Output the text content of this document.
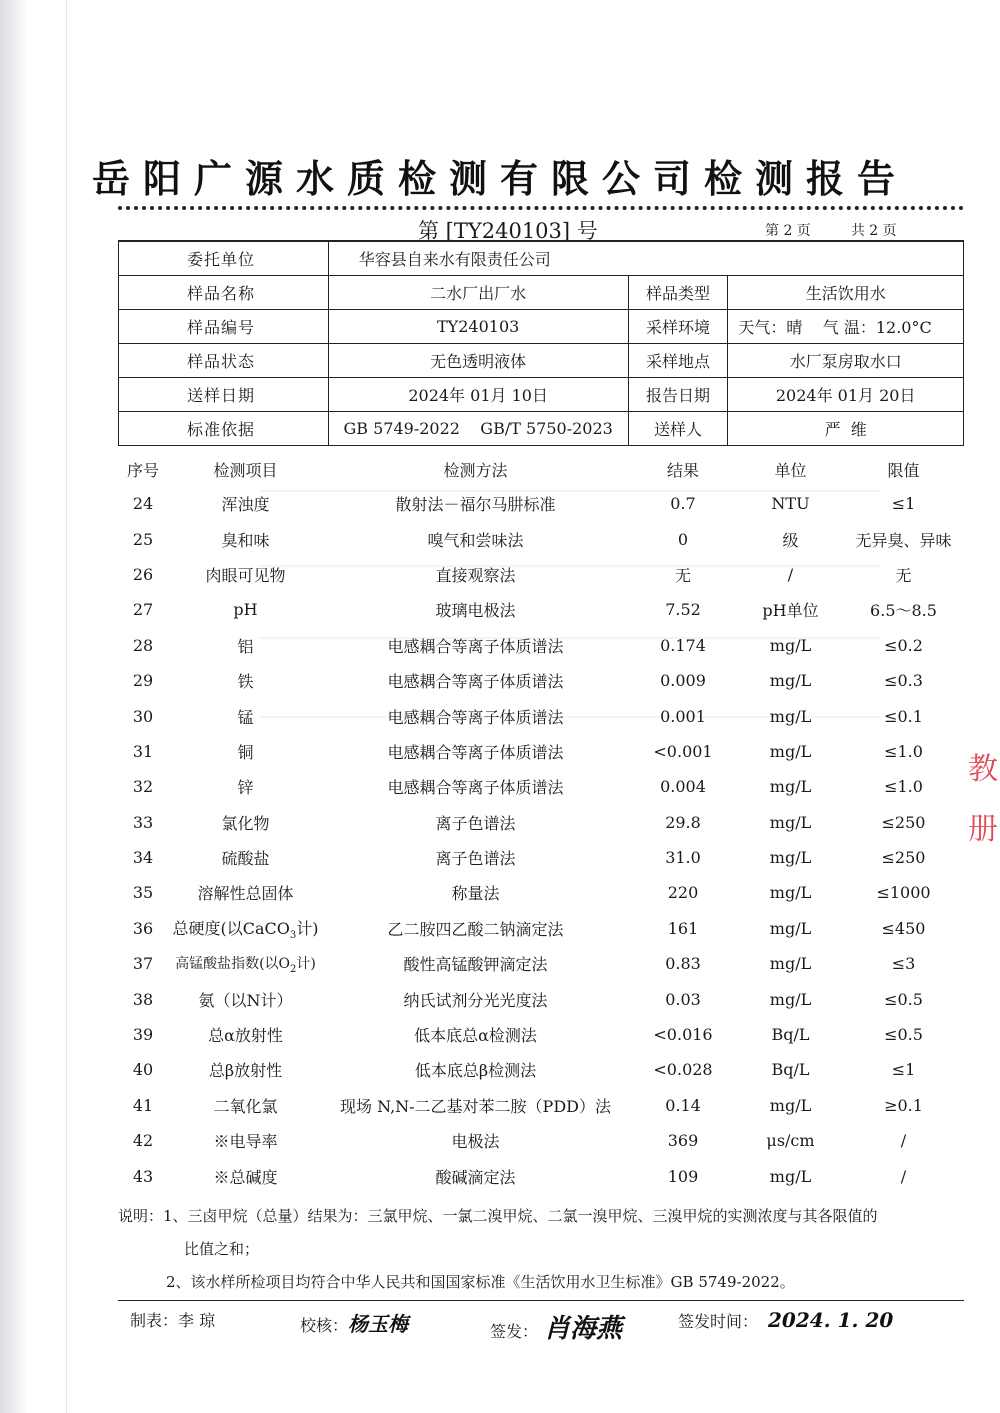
岳阳广源水质检测有限公司检测报告
第 [TY240103] 号	第 2 页	共 2 页
委托单位	华容县自来水有限责任公司		
样品名称	二水厂出厂水	样品类型	生活饮用水
样品编号	TY240103	采样环境	天气：晴 气 温：12.0°C
样品状态	无色透明液体	采样地点	水厂泵房取水口
送样日期	2024年 01月 10日	报告日期	2024年 01月 20日
标准依据	GB 5749-2022    GB/T 5750-2023	送样人	严  维
序号	检测项目	检测方法	结果	单位	限值
24	浑浊度	散射法－福尔马肼标准	0.7	NTU	≤1
25	臭和味	嗅气和尝味法	0	级	无异臭、异味
26	肉眼可见物	直接观察法	无	/	无
27	pH	玻璃电极法	7.52	pH单位	6.5～8.5
28	铝	电感耦合等离子体质谱法	0.174	mg/L	≤0.2
29	铁	电感耦合等离子体质谱法	0.009	mg/L	≤0.3
30	锰	电感耦合等离子体质谱法	0.001	mg/L	≤0.1
31	铜	电感耦合等离子体质谱法	<0.001	mg/L	≤1.0
32	锌	电感耦合等离子体质谱法	0.004	mg/L	≤1.0
33	氯化物	离子色谱法	29.8	mg/L	≤250
34	硫酸盐	离子色谱法	31.0	mg/L	≤250
35	溶解性总固体	称量法	220	mg/L	≤1000
36	总硬度(以CaCO$_3$计)	乙二胺四乙酸二钠滴定法	161	mg/L	≤450
37	高锰酸盐指数(以$O_2$计)	酸性高锰酸钾滴定法	0.83	mg/L	≤3
38	氨（以N计）	纳氏试剂分光光度法	0.03	mg/L	≤0.5
39	总α放射性	低本底总α检测法	<0.016	Bq/L	≤0.5
40	总β放射性	低本底总β检测法	<0.028	Bq/L	≤1
41	二氧化氯	现场 N,N-二乙基对苯二胺（PDD）法	0.14	mg/L	≥0.1
42	※电导率	电极法	369	μs/cm	/
43	※总碱度	酸碱滴定法	109	mg/L	/
说明：1、三卤甲烷（总量）结果为：三氯甲烷、一氯二溴甲烷、二氯一溴甲烷、三溴甲烷的实测浓度与其各限值的
比值之和；
2、该水样所检项目均符合中华人民共和国国家标准《生活饮用水卫生标准》GB 5749-2022。
制表：李 琼	校核：杨玉梅	签发： 肖海燕	签发时间： 2024. 1. 20
教 册
